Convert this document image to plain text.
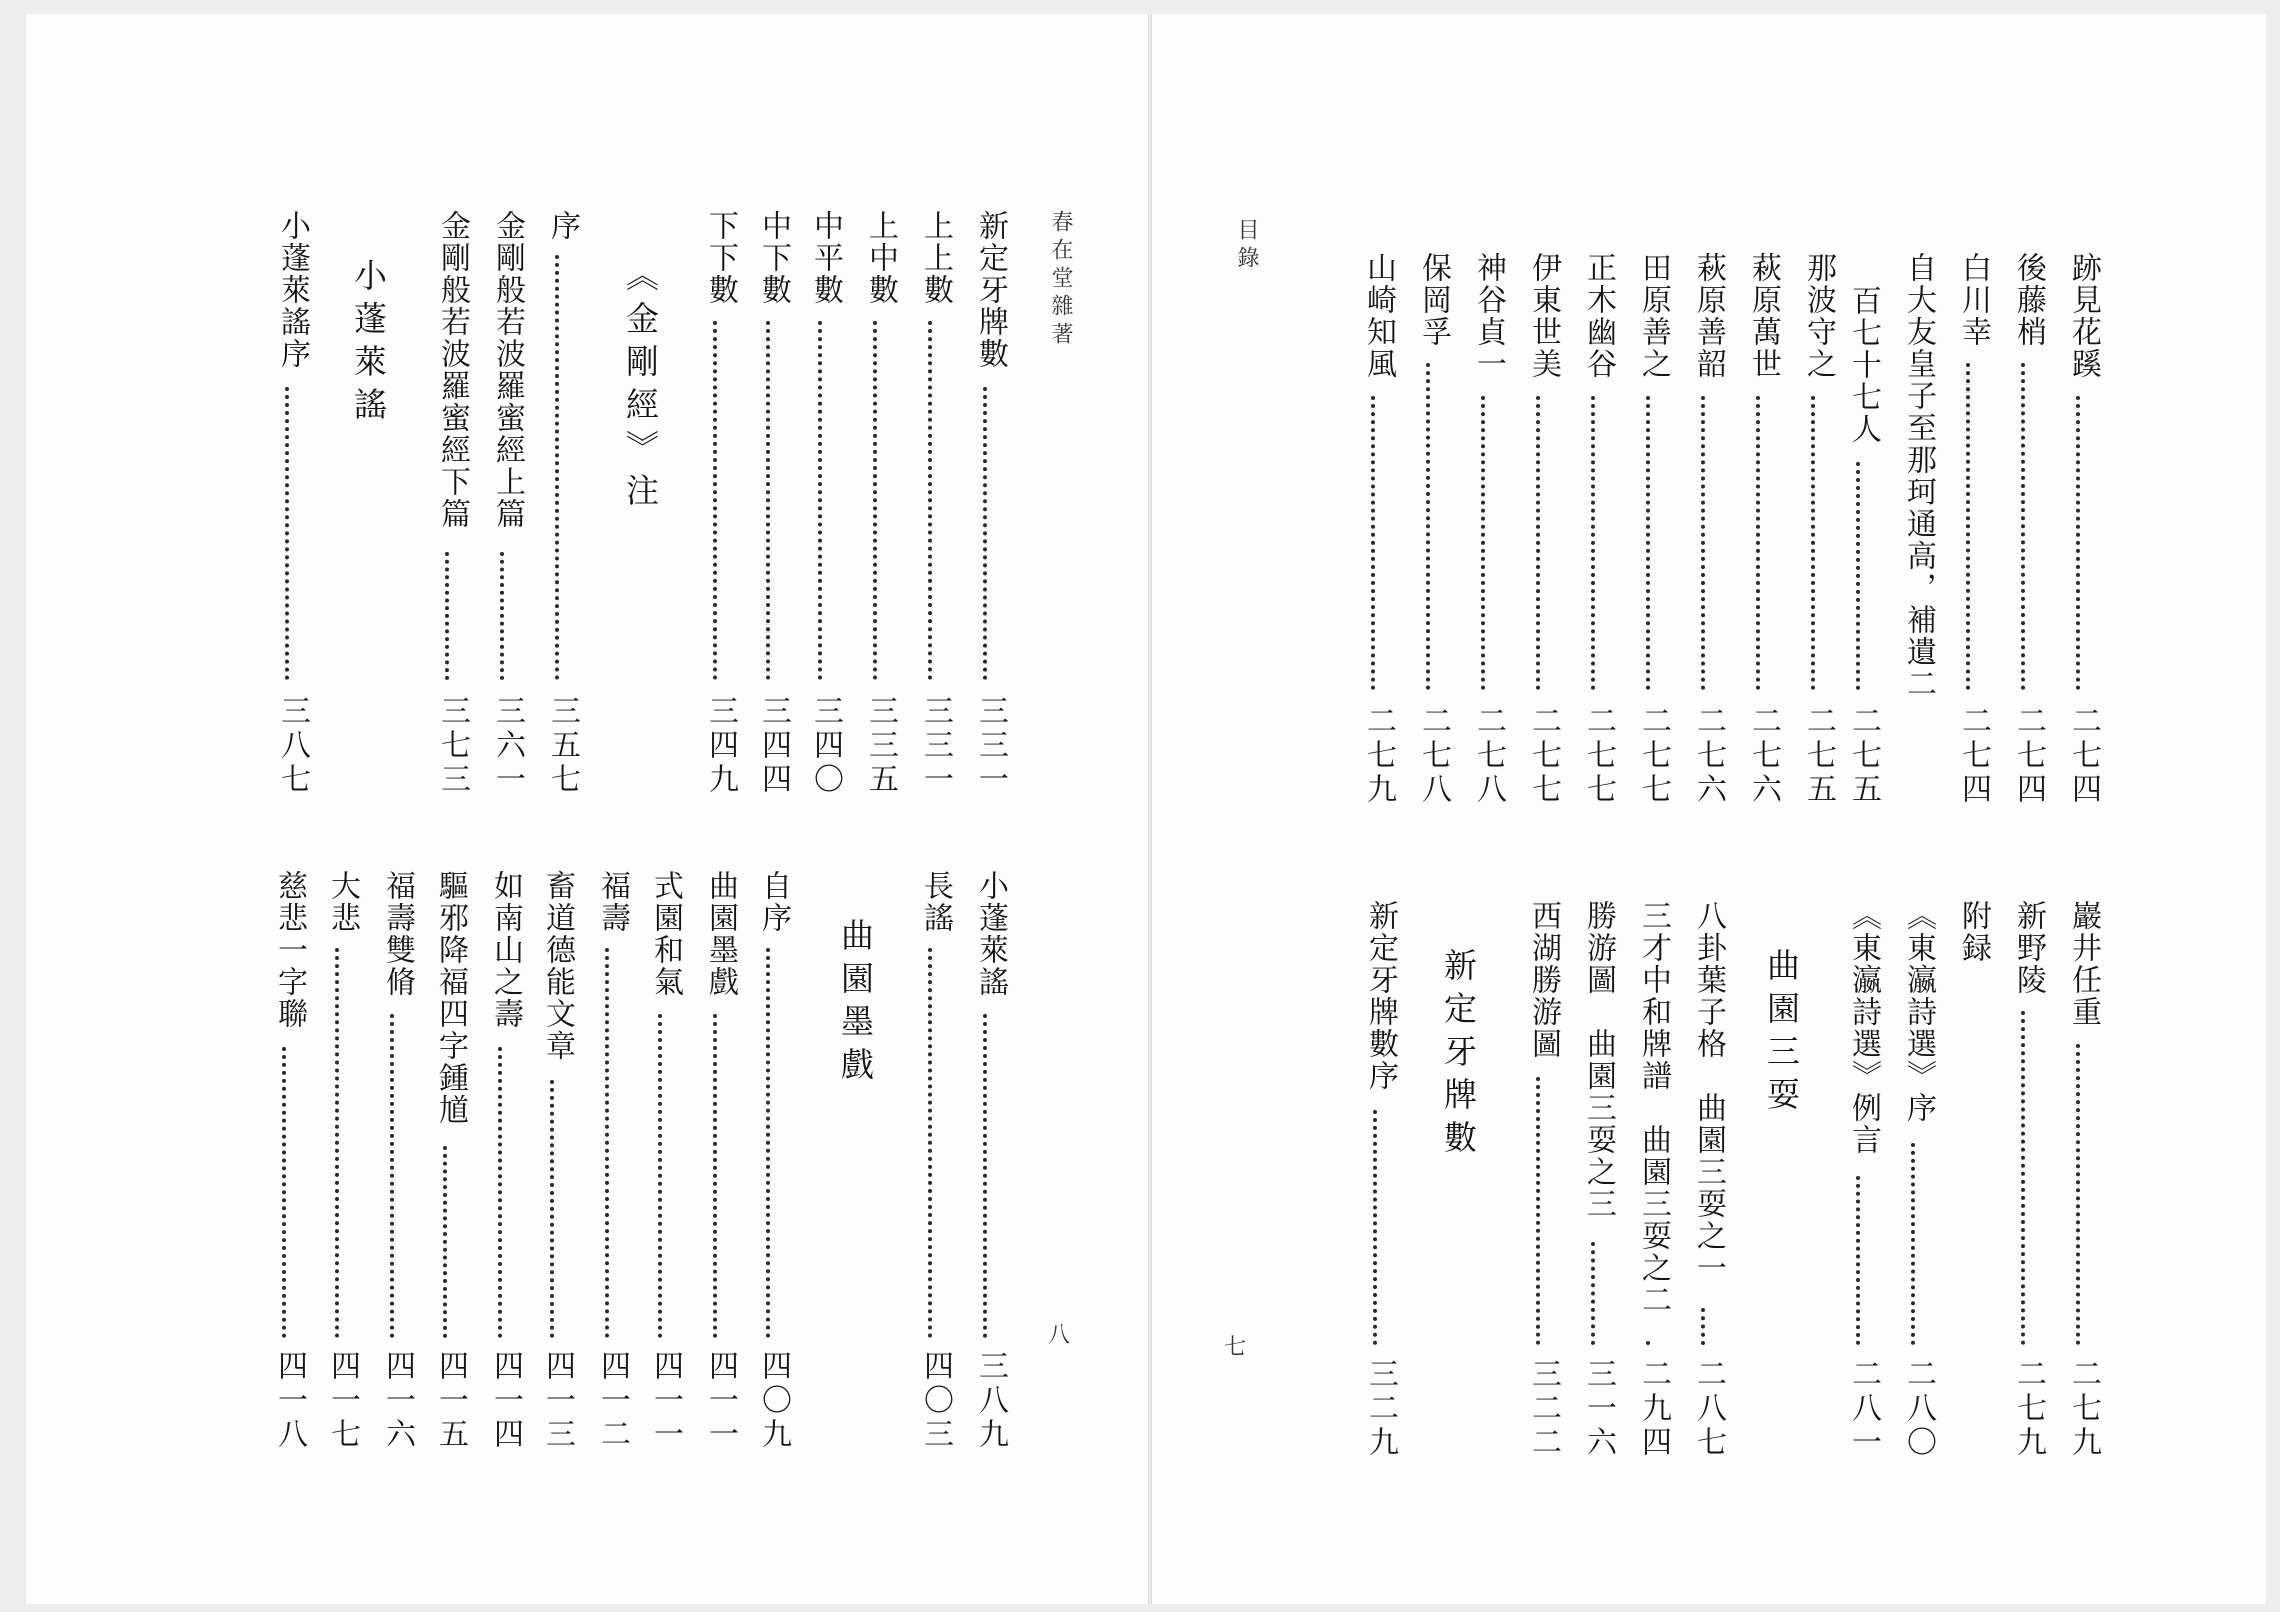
春在堂雜著
八
目錄
七
新定牙牌數
三三一
上上數
三三一
上中數
三三五
中平數
三四〇
中下數
三四四
下下數
三四九
《金剛經》注
序
三五七
金剛般若波羅蜜經上篇
三六一
金剛般若波羅蜜經下篇
三七三
小蓬萊謠
小蓬萊謠序
三八七
小蓬萊謠
三八九
長謠
四〇三
曲園墨戲
自序
四〇九
曲園墨戲
四一一
式園和氣
四一一
福壽
四一二
畜道德能文章
四一三
如南山之壽
四一四
驅邪降福四字鍾馗
四一五
福壽雙脩
四一六
大悲
四一七
慈悲一字聯
四一八
跡見花蹊
二七四
後藤梢
二七四
白川幸
二七四
自大友皇子至那珂通高，補遺二
百七十七人
二七五
那波守之
二七五
萩原萬世
二七六
萩原善韶
二七六
田原善之
二七七
正木幽谷
二七七
伊東世美
二七七
神谷貞一
二七八
保岡孚
二七八
山崎知風
二七九
巖井任重
二七九
新野陵
二七九
附録
《東瀛詩選》序
二八〇
《東瀛詩選》例言
二八一
曲園三耍
八卦葉子格　曲園三耍之一
二八七
三才中和牌譜　曲園三耍之二
二九四
勝游圖　曲園三耍之三
三一六
西湖勝游圖
三二二
新定牙牌數
新定牙牌數序
三二九
